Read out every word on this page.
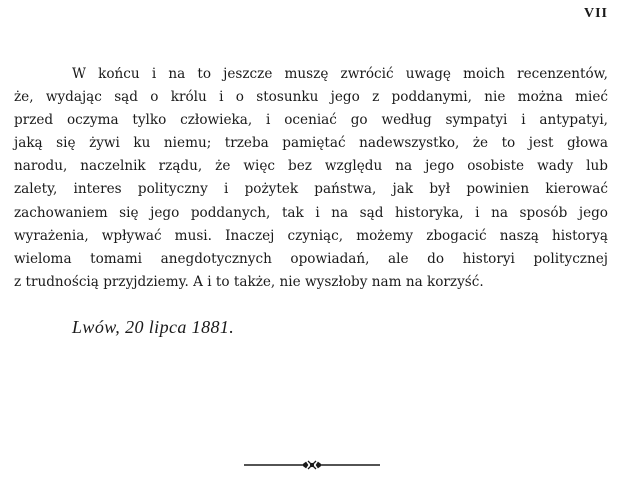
VII
W końcu i na to jeszcze muszę zwrócić uwagę moich recenzentów,
że, wydając sąd o królu i o stosunku jego z poddanymi, nie można mieć
przed oczyma tylko człowieka, i oceniać go według sympatyi i antypatyi,
jaką się żywi ku niemu; trzeba pamiętać nadewszystko, że to jest głowa
narodu, naczelnik rządu, że więc bez względu na jego osobiste wady lub
zalety, interes polityczny i pożytek państwa, jak był powinien kierować
zachowaniem się jego poddanych, tak i na sąd historyka, i na sposób jego
wyrażenia, wpływać musi. Inaczej czyniąc, możemy zbogacić naszą historyą
wieloma tomami anegdotycznych opowiadań, ale do historyi politycznej
z trudnością przyjdziemy. A i to także, nie wyszłoby nam na korzyść.
Lwów, 20 lipca 1881.
